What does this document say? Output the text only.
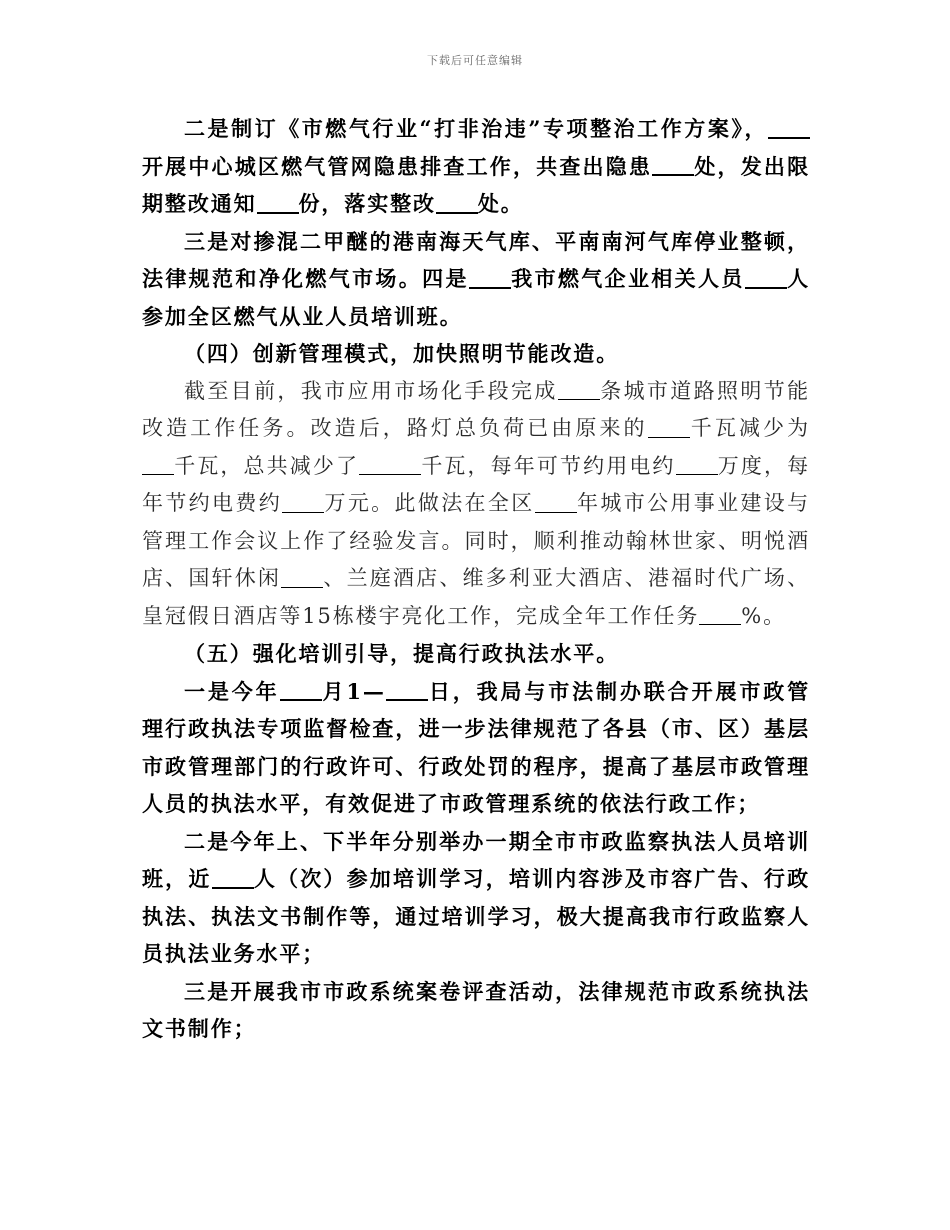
下载后可任意编辑

二是制订《市燃气行业“打非治违”专项整治工作方案》，开展中心城区燃气管网隐患排查工作，共查出隐患 处，发出限期整改通知 份，落实整改 处。

三是对掺混二甲醚的港南海天气库、平南南河气库停业整顿，法律规范和净化燃气市场。四是 我市燃气企业相关人员 人参加全区燃气从业人员培训班。

（四）创新管理模式，加快照明节能改造。

截至目前，我市应用市场化手段完成 条城市道路照明节能改造工作任务。改造后，路灯总负荷已由原来的 千瓦减少为千瓦，总共减少了	千瓦，每年可节约用电约 万度，每年节约电费约 万元。此做法在全区 年城市公用事业建设与管理工作会议上作了经验发言。同时，顺利推动翰林世家、明悦酒店、国轩休闲 、兰庭酒店、维多利亚大酒店、港福时代广场、皇冠假日酒店等15栋楼宇亮化工作，完成全年工作任务 %。

（五）强化培训引导，提高行政执法水平。

一是今年 月1— 日，我局与市法制办联合开展市政管理行政执法专项监督检查，进一步法律规范了各县（市、区）基层市政管理部门的行政许可、行政处罚的程序，提高了基层市政管理人员的执法水平，有效促进了市政管理系统的依法行政工作；

二是今年上、下半年分别举办一期全市市政监察执法人员培训班，近 人（次）参加培训学习，培训内容涉及市容广告、行政执法、执法文书制作等，通过培训学习，极大提高我市行政监察人员执法业务水平；

三是开展我市市政系统案卷评查活动，法律规范市政系统执法文书制作；
